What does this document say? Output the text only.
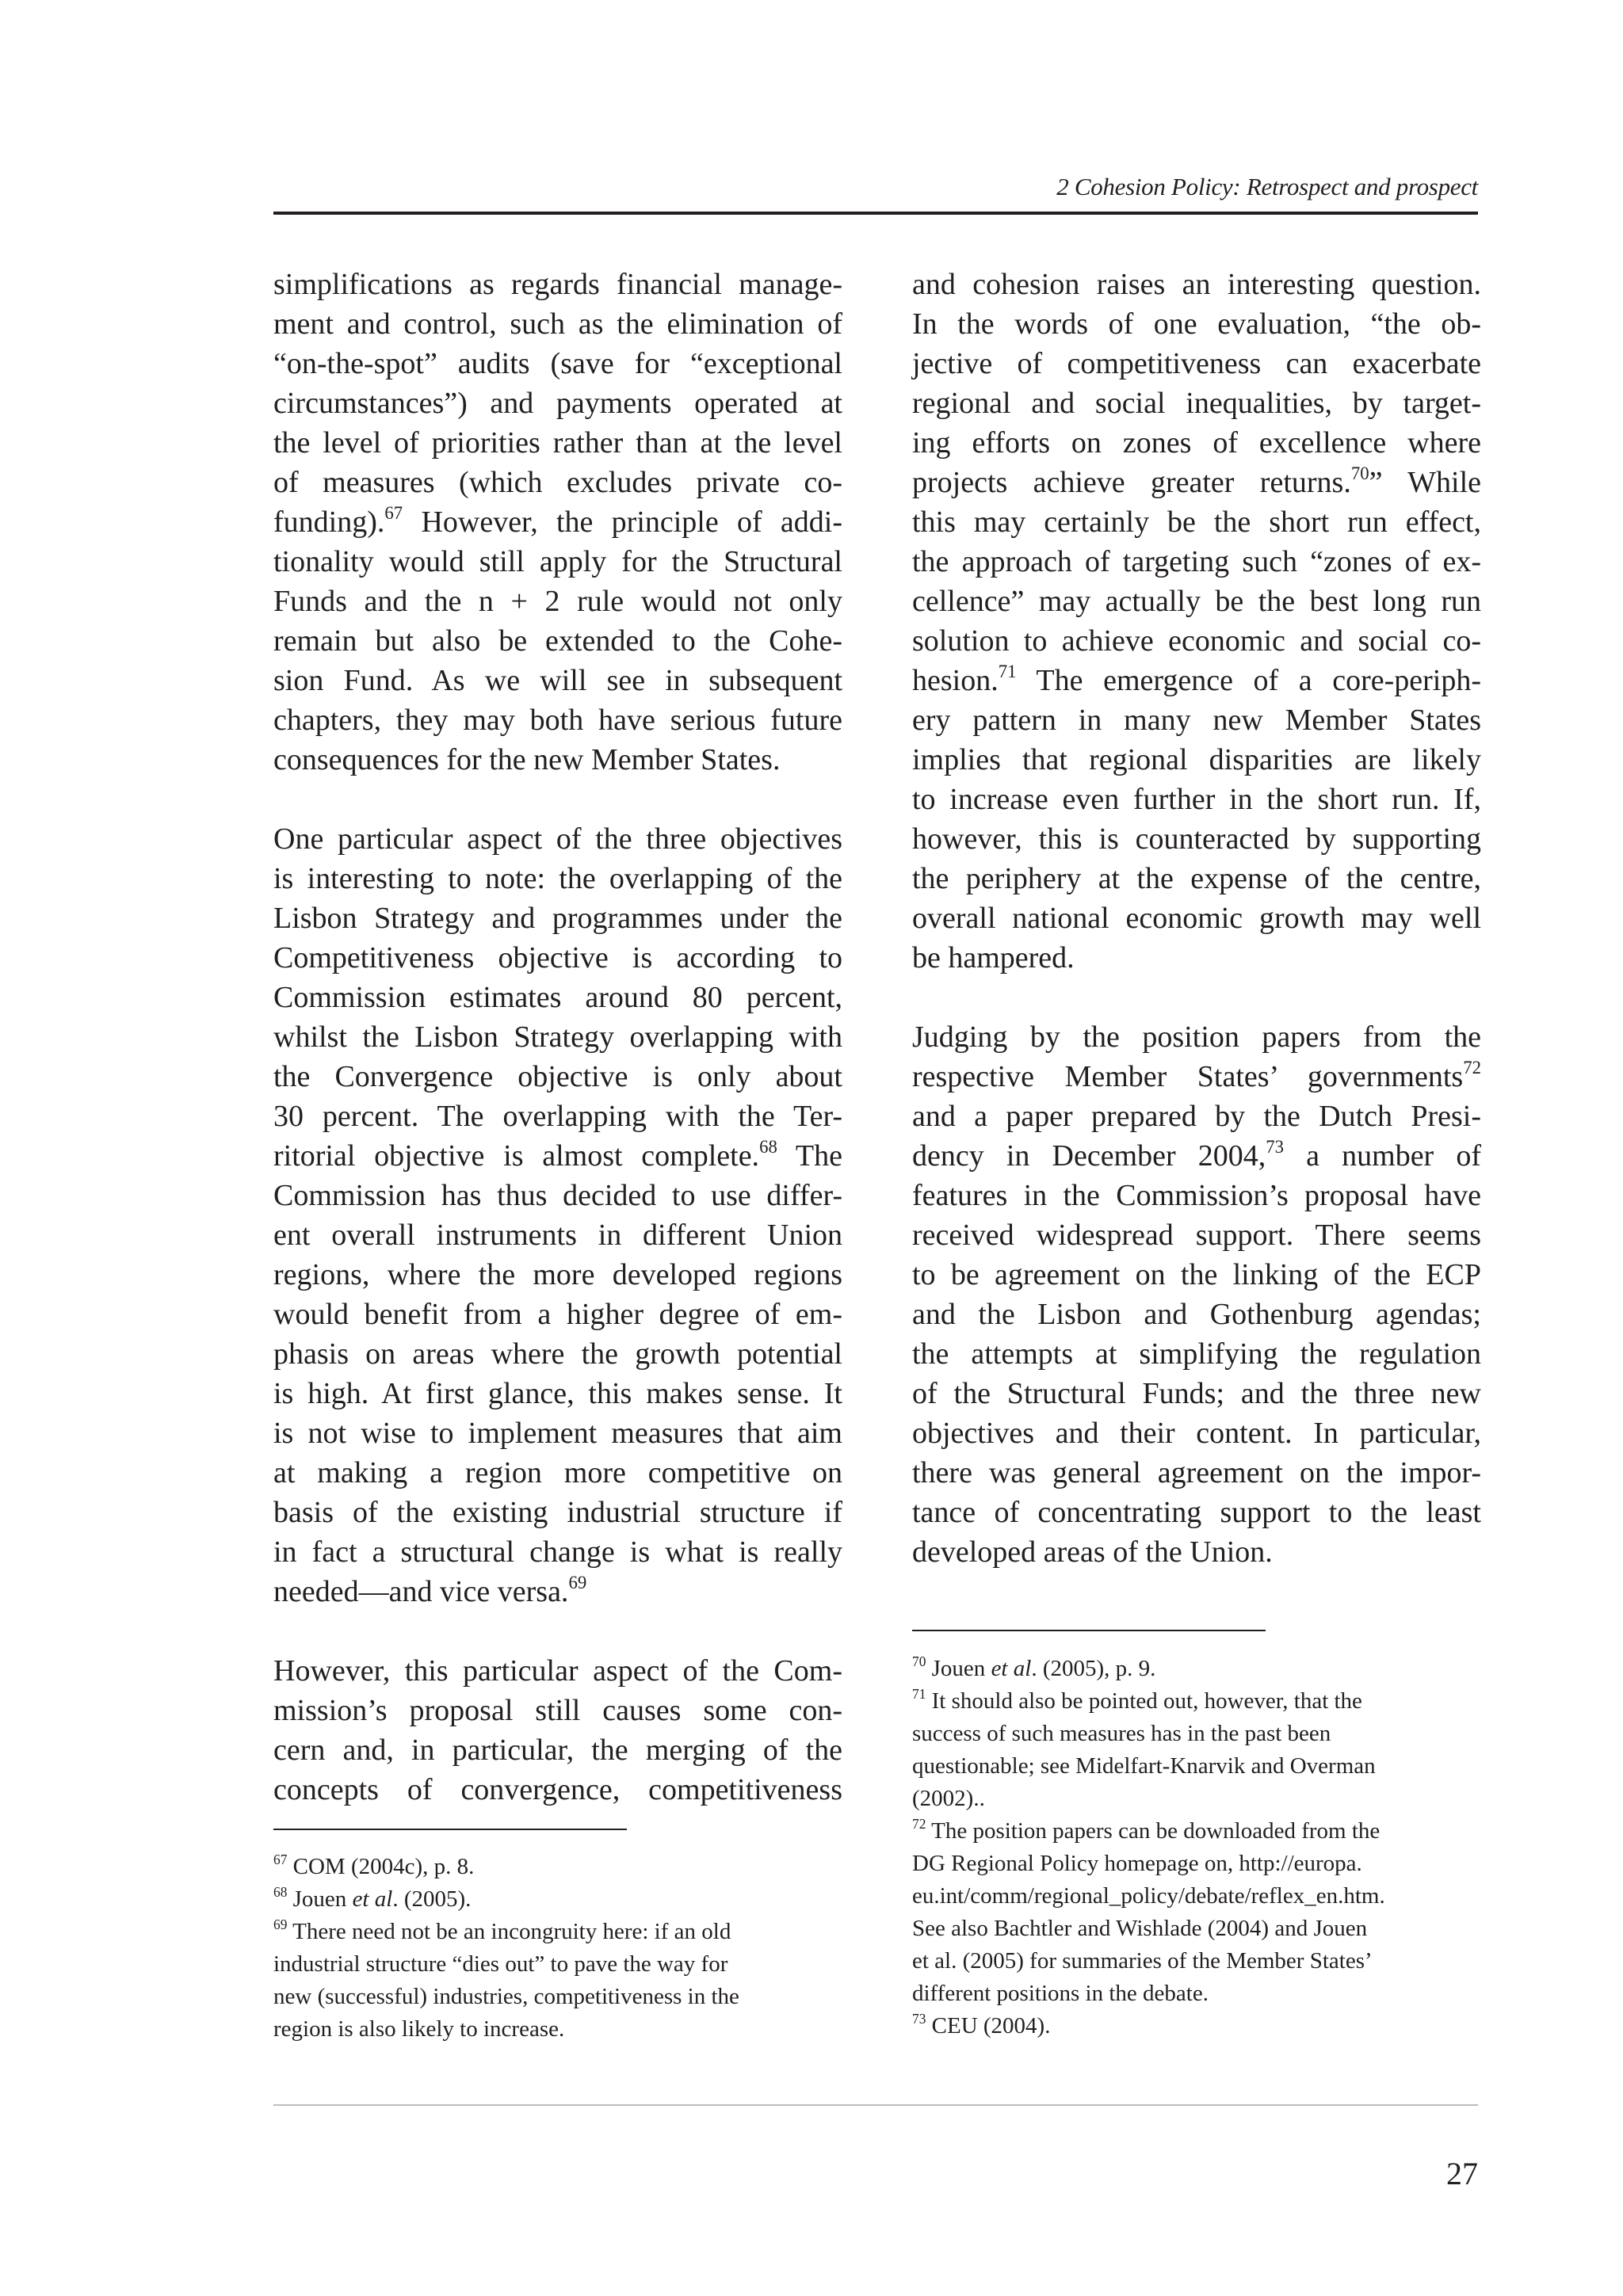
2 Cohesion Policy: Retrospect and prospect
simplifications as regards financial manage-
ment and control, such as the elimination of
“on-the-spot” audits (save for “exceptional
circumstances”) and payments operated at
the level of priorities rather than at the level
of measures (which excludes private co-
funding).$^{67}$ However, the principle of addi-
tionality would still apply for the Structural
Funds and the n + 2 rule would not only
remain but also be extended to the Cohe-
sion Fund. As we will see in subsequent
chapters, they may both have serious future
consequences for the new Member States.
One particular aspect of the three objectives
is interesting to note: the overlapping of the
Lisbon Strategy and programmes under the
Competitiveness objective is according to
Commission estimates around 80 percent,
whilst the Lisbon Strategy overlapping with
the Convergence objective is only about
30 percent. The overlapping with the Ter-
ritorial objective is almost complete.$^{68}$ The
Commission has thus decided to use differ-
ent overall instruments in different Union
regions, where the more developed regions
would benefit from a higher degree of em-
phasis on areas where the growth potential
is high. At first glance, this makes sense. It
is not wise to implement measures that aim
at making a region more competitive on
basis of the existing industrial structure if
in fact a structural change is what is really
needed—and vice versa.$^{69}$
However, this particular aspect of the Com-
mission’s proposal still causes some con-
cern and, in particular, the merging of the
concepts of convergence, competitiveness
$^{67}$ COM (2004c), p. 8.
$^{68}$ Jouen et al. (2005).
$^{69}$ There need not be an incongruity here: if an old
industrial structure “dies out” to pave the way for
new (successful) industries, competitiveness in the
region is also likely to increase.
and cohesion raises an interesting question.
In the words of one evaluation, “the ob-
jective of competitiveness can exacerbate
regional and social inequalities, by target-
ing efforts on zones of excellence where
projects achieve greater returns.$^{70}$” While
this may certainly be the short run effect,
the approach of targeting such “zones of ex-
cellence” may actually be the best long run
solution to achieve economic and social co-
hesion.$^{71}$ The emergence of a core-periph-
ery pattern in many new Member States
implies that regional disparities are likely
to increase even further in the short run. If,
however, this is counteracted by supporting
the periphery at the expense of the centre,
overall national economic growth may well
be hampered.
Judging by the position papers from the
respective Member States’ governments$^{72}$
and a paper prepared by the Dutch Presi-
dency in December 2004,73 a number of
features in the Commission’s proposal have
received widespread support. There seems
to be agreement on the linking of the ECP
and the Lisbon and Gothenburg agendas;
the attempts at simplifying the regulation
of the Structural Funds; and the three new
objectives and their content. In particular,
there was general agreement on the impor-
tance of concentrating support to the least
developed areas of the Union.
$^{70}$ Jouen et al. (2005), p. 9.
$^{71}$ It should also be pointed out, however, that the
success of such measures has in the past been
questionable; see Midelfart-Knarvik and Overman
(2002)..
$^{72}$ The position papers can be downloaded from the
DG Regional Policy homepage on, http://europa.
eu.int/comm/regional_policy/debate/reflex_en.htm.
See also Bachtler and Wishlade (2004) and Jouen
et al. (2005) for summaries of the Member States’
different positions in the debate.
$^{73}$ CEU (2004).
27
